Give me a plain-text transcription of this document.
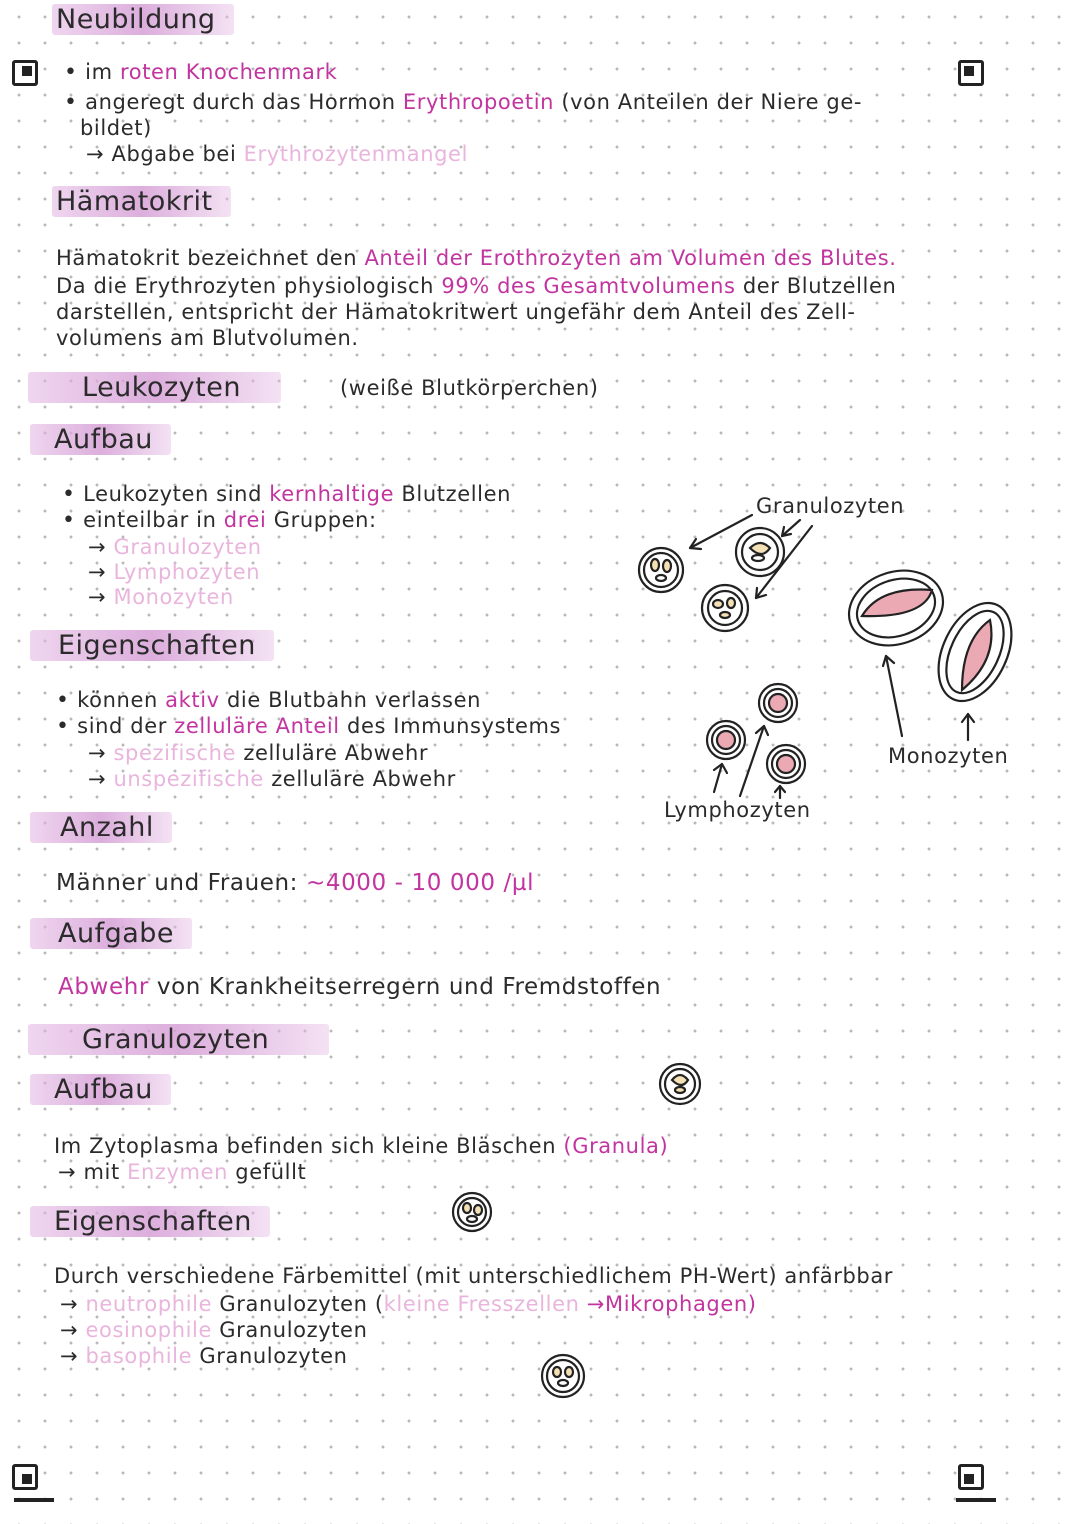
Neubildung
• im roten Knochenmark
• angeregt durch das Hormon Erythropoetin (von Anteilen der Niere ge-
bildet)
→ Abgabe bei Erythrozytenmangel
Hämatokrit
Hämatokrit bezeichnet den Anteil der Erothrozyten am Volumen des Blutes.
Da die Erythrozyten physiologisch 99% des Gesamtvolumens der Blutzellen
darstellen, entspricht der Hämatokritwert ungefähr dem Anteil des Zell-
volumens am Blutvolumen.
Leukozyten	(weiße Blutkörperchen)
Aufbau
• Leukozyten sind kernhaltige Blutzellen
• einteilbar in drei Gruppen:
→ Granulozyten
→ Lymphozyten
→ Monozyten
Eigenschaften
• können aktiv die Blutbahn verlassen
• sind der zelluläre Anteil des Immunsystems
→ spezifische zelluläre Abwehr
→ unspezifische zelluläre Abwehr
Anzahl
Männer und Frauen: ~4000 - 10 000 /µl
Aufgabe
Abwehr von Krankheitserregern und Fremdstoffen
Granulozyten
Aufbau
Im Zytoplasma befinden sich kleine Bläschen (Granula)
→ mit Enzymen gefüllt
Eigenschaften
Durch verschiedene Färbemittel (mit unterschiedlichem PH-Wert) anfärbbar
→ neutrophile Granulozyten (kleine Fresszellen →Mikrophagen)
→ eosinophile Granulozyten
→ basophile Granulozyten
Granulozyten
Lymphozyten
Monozyten
